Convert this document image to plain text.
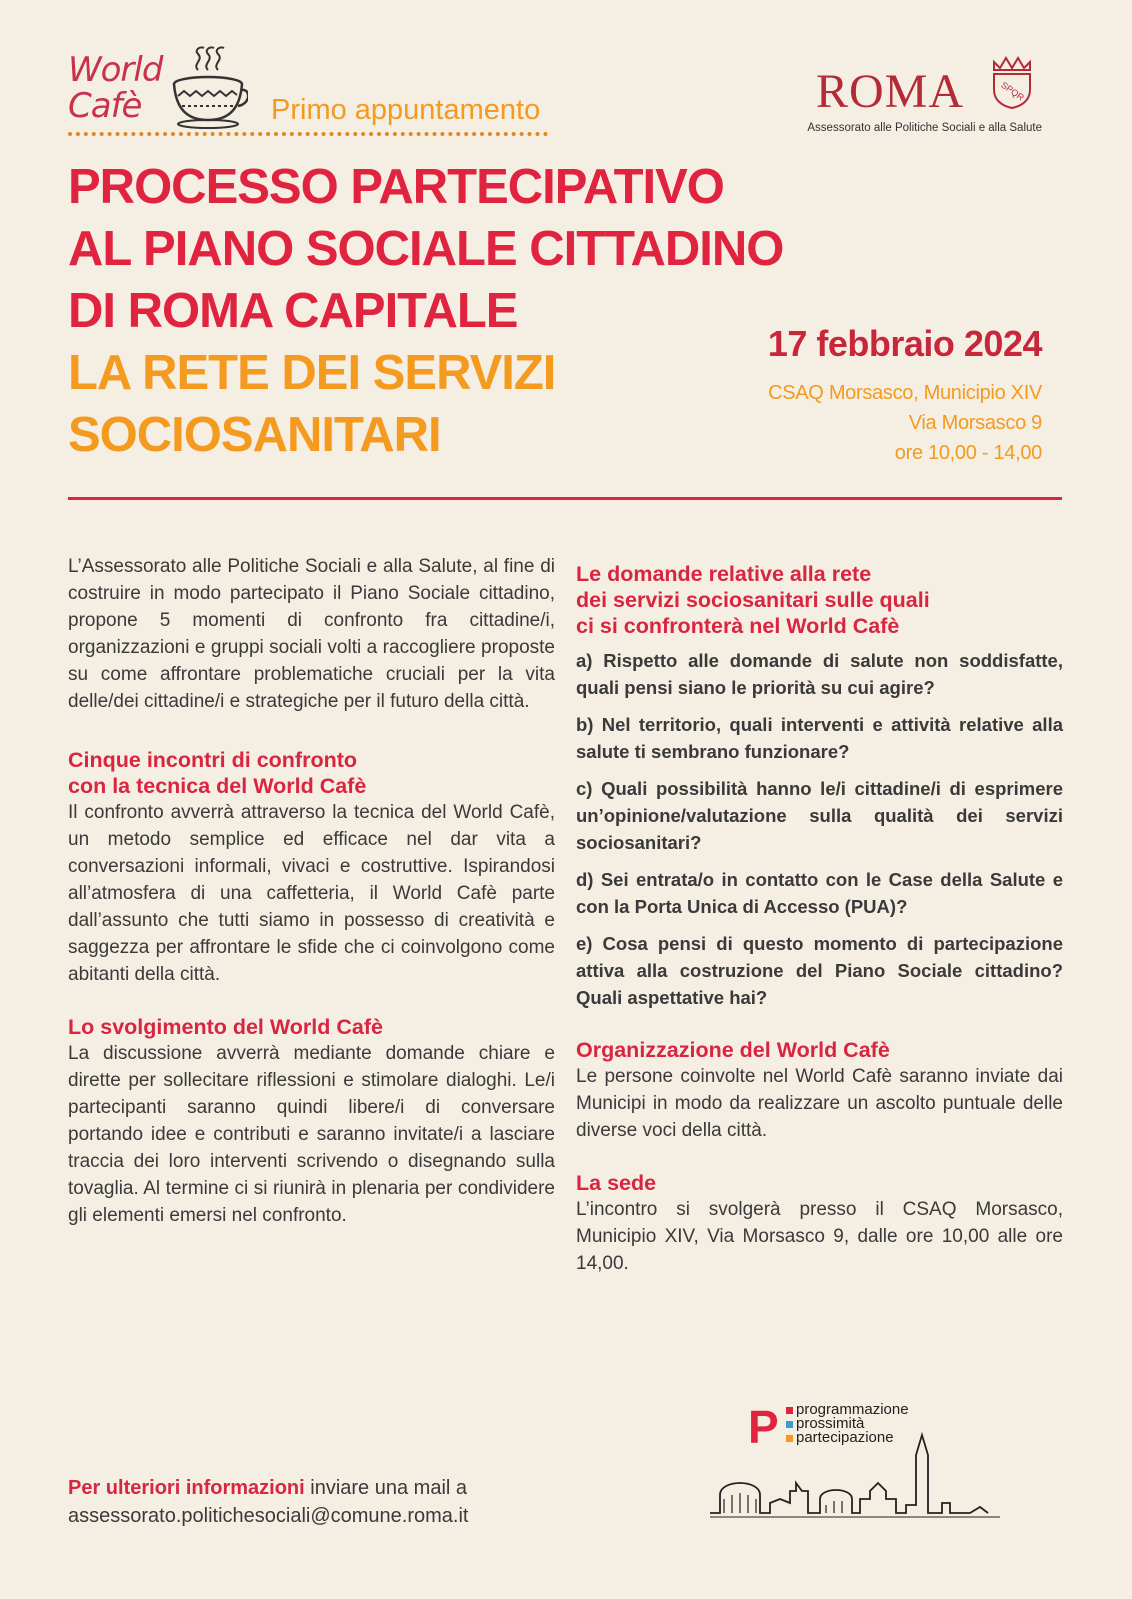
World
Cafè	Primo appuntamento	ROMA	SPQR
Assessorato alle Politiche Sociali e alla Salute
PROCESSO PARTECIPATIVO
AL PIANO SOCIALE CITTADINO
DI ROMA CAPITALE
LA RETE DEI SERVIZI
SOCIOSANITARI
17 febbraio 2024
CSAQ Morsasco, Municipio XIV
Via Morsasco 9
ore 10,00 - 14,00

L’Assessorato alle Politiche Sociali e alla Salute, al fine di costruire in modo partecipato il Piano Sociale cittadino, propone 5 momenti di confronto fra cittadine/i, organizzazioni e gruppi sociali volti a raccogliere proposte su come affrontare problematiche cruciali per la vita delle/dei cittadine/i e strategiche per il futuro della città.

Cinque incontri di confronto

con la tecnica del World Cafè

Il confronto avverrà attraverso la tecnica del World Cafè, un metodo semplice ed efficace nel dar vita a conversazioni informali, vivaci e costruttive. Ispirandosi all’atmosfera di una caffetteria, il World Cafè parte dall’assunto che tutti siamo in possesso di creatività e saggezza per affrontare le sfide che ci coinvolgono come abitanti della città.

Lo svolgimento del World Cafè

La discussione avverrà mediante domande chiare e dirette per sollecitare riflessioni e stimolare dialoghi. Le/i partecipanti saranno quindi libere/i di conversare portando idee e contributi e saranno invitate/i a lasciare traccia dei loro interventi scrivendo o disegnando sulla tovaglia. Al termine ci si riunirà in plenaria per condividere gli elementi emersi nel confronto.

Le domande relative alla rete

dei servizi sociosanitari sulle quali

ci si confronterà nel World Cafè

a) Rispetto alle domande di salute non soddisfatte, quali pensi siano le priorità su cui agire?

b) Nel territorio, quali interventi e attività relative alla salute ti sembrano funzionare?

c) Quali possibilità hanno le/i cittadine/i di esprimere un’opinione/valutazione sulla qualità dei servizi sociosanitari?

d) Sei entrata/o in contatto con le Case della Salute e con la Porta Unica di Accesso (PUA)?

e) Cosa pensi di questo momento di partecipazione attiva alla costruzione del Piano Sociale cittadino? Quali aspettative hai?

Organizzazione del World Cafè

Le persone coinvolte nel World Cafè saranno inviate dai Municipi in modo da realizzare un ascolto puntuale delle diverse voci della città.

La sede

L’incontro si svolgerà presso il CSAQ Morsasco, Municipio XIV, Via Morsasco 9, dalle ore 10,00 alle ore 14,00.

Per ulteriori informazioni inviare una mail a
assessorato.politichesociali@comune.roma.it
P programmazione
prossimità
partecipazione
